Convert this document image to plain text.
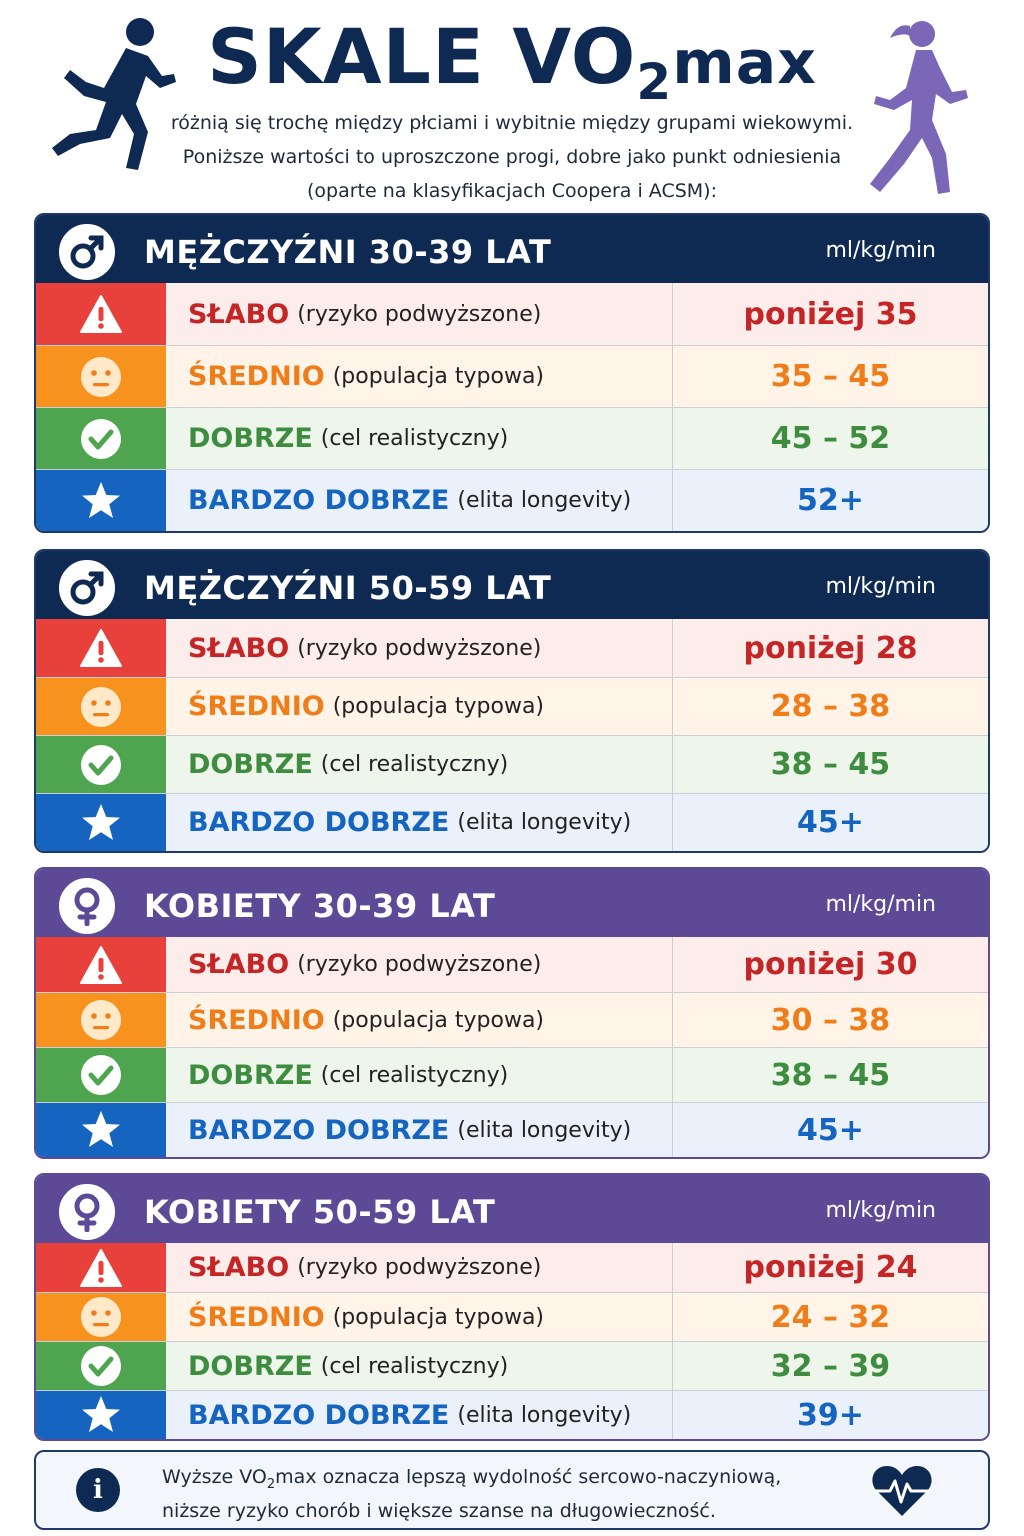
SKALE $VO_2\max$
różnią się trochę między płciami i wybitnie między grupami wiekowymi.
Poniższe wartości to uproszczone progi, dobre jako punkt odniesienia
(oparte na klasyfikacjach Coopera i ACSM):
MĘŻCZYŹNI 30-39 LAT	ml/kg/min
SŁABO (ryzyko podwyższone)	poniżej 35
ŚREDNIO (populacja typowa)	35 – 45
DOBRZE (cel realistyczny)	45 – 52
BARDZO DOBRZE (elita longevity)	52+
MĘŻCZYŹNI 50-59 LAT	ml/kg/min
SŁABO (ryzyko podwyższone)	poniżej 28
ŚREDNIO (populacja typowa)	28 – 38
DOBRZE (cel realistyczny)	38 – 45
BARDZO DOBRZE (elita longevity)	45+
KOBIETY 30-39 LAT	ml/kg/min
SŁABO (ryzyko podwyższone)	poniżej 30
ŚREDNIO (populacja typowa)	30 – 38
DOBRZE (cel realistyczny)	38 – 45
BARDZO DOBRZE (elita longevity)	45+
KOBIETY 50-59 LAT	ml/kg/min
SŁABO (ryzyko podwyższone)	poniżej 24
ŚREDNIO (populacja typowa)	24 – 32
DOBRZE (cel realistyczny)	32 – 39
BARDZO DOBRZE (elita longevity)	39+
i	Wyższe $VO_2\max$ oznacza lepszą wydolność sercowo-naczyniową,
niższe ryzyko chorób i większe szanse na długowieczność.
